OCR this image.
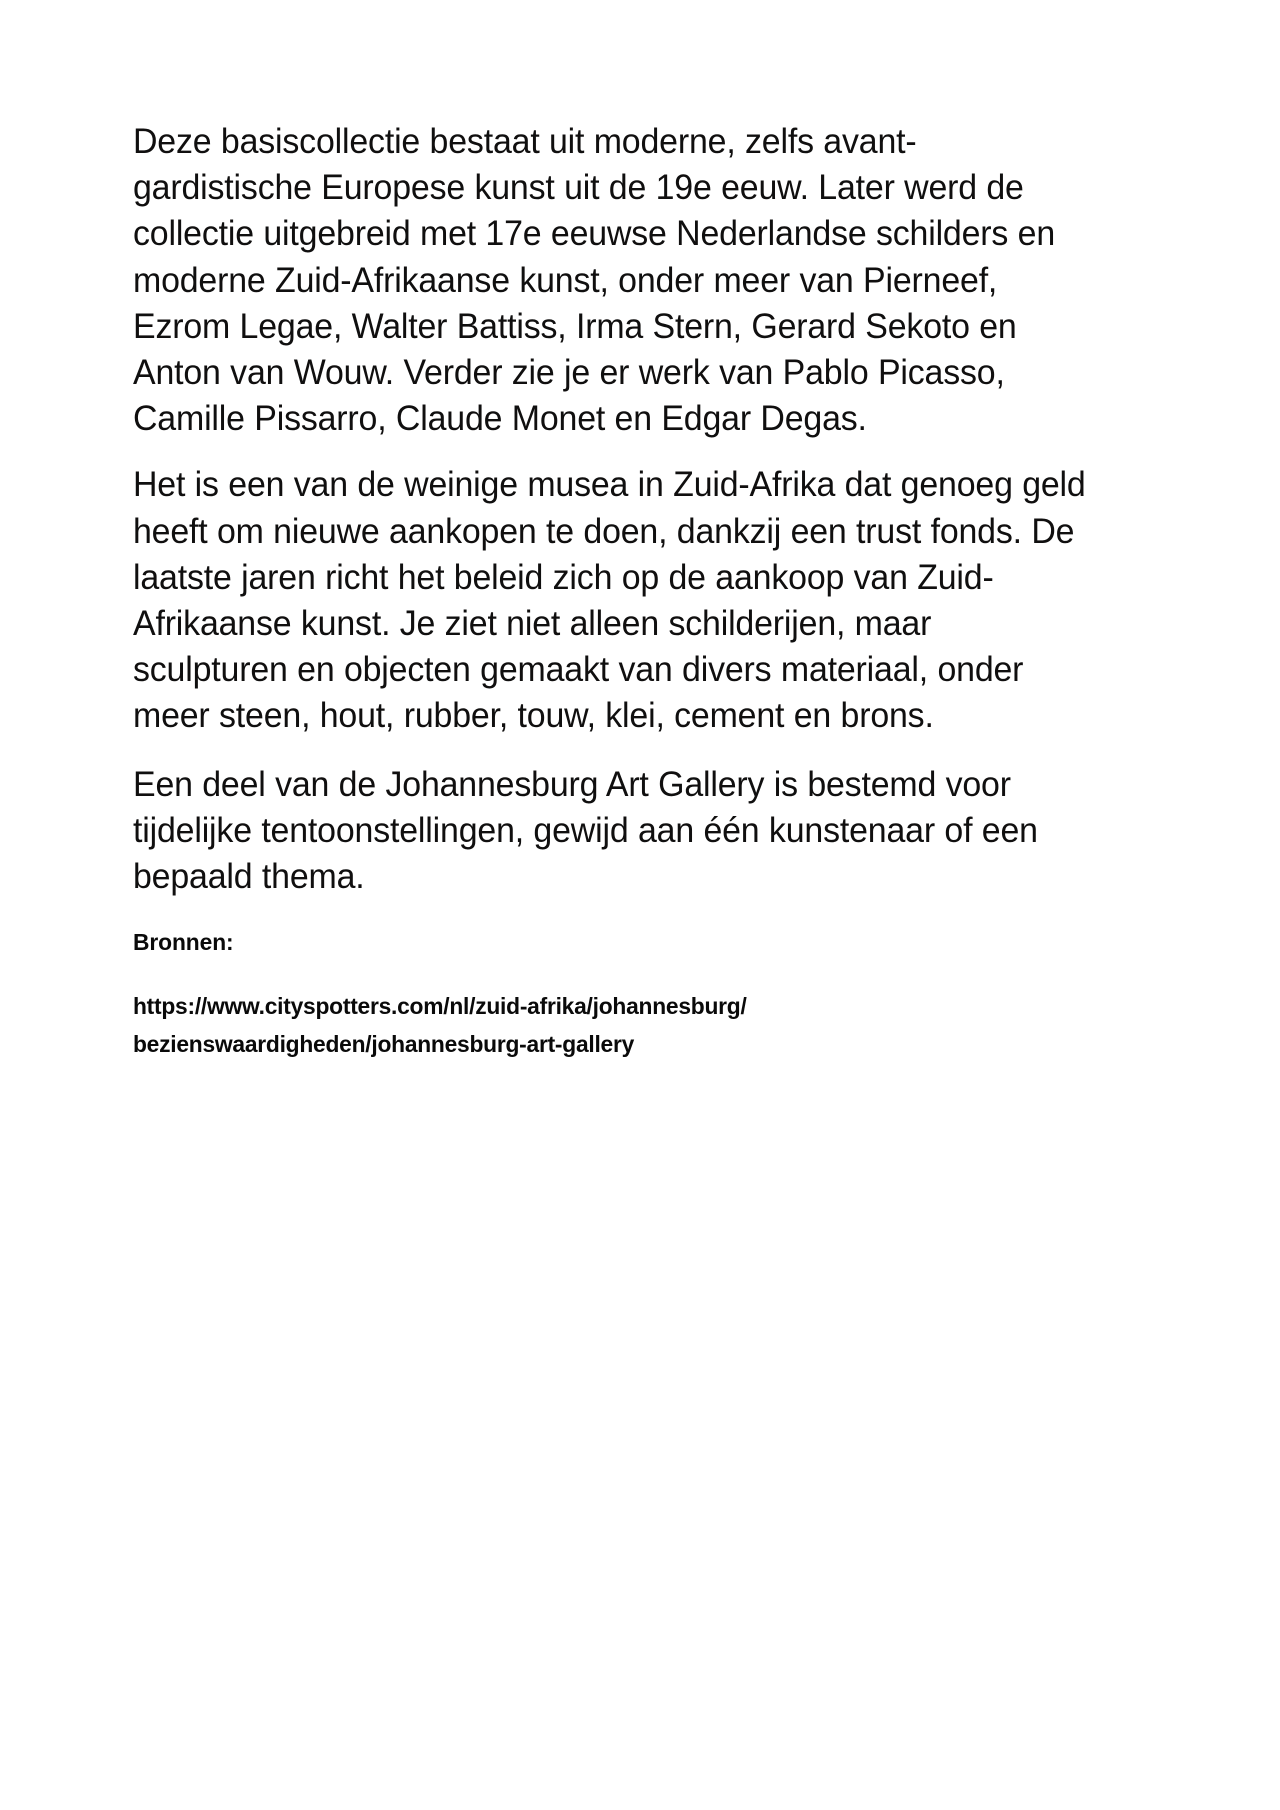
Deze basiscollectie bestaat uit moderne, zelfs avant-gardistische Europese kunst uit de 19e eeuw. Later werd de collectie uitgebreid met 17e eeuwse Nederlandse schilders en moderne Zuid-Afrikaanse kunst, onder meer van Pierneef, Ezrom Legae, Walter Battiss, Irma Stern, Gerard Sekoto en Anton van Wouw. Verder zie je er werk van Pablo Picasso, Camille Pissarro, Claude Monet en Edgar Degas.

Het is een van de weinige musea in Zuid-Afrika dat genoeg geld heeft om nieuwe aankopen te doen, dankzij een trust fonds. De laatste jaren richt het beleid zich op de aankoop van Zuid-Afrikaanse kunst. Je ziet niet alleen schilderijen, maar sculpturen en objecten gemaakt van divers materiaal, onder meer steen, hout, rubber, touw, klei, cement en brons.

Een deel van de Johannesburg Art Gallery is bestemd voor tijdelijke tentoonstellingen, gewijd aan één kunstenaar of een bepaald thema.

Bronnen:

https://www.cityspotters.com/nl/zuid-afrika/johannesburg/
bezienswaardigheden/johannesburg-art-gallery
